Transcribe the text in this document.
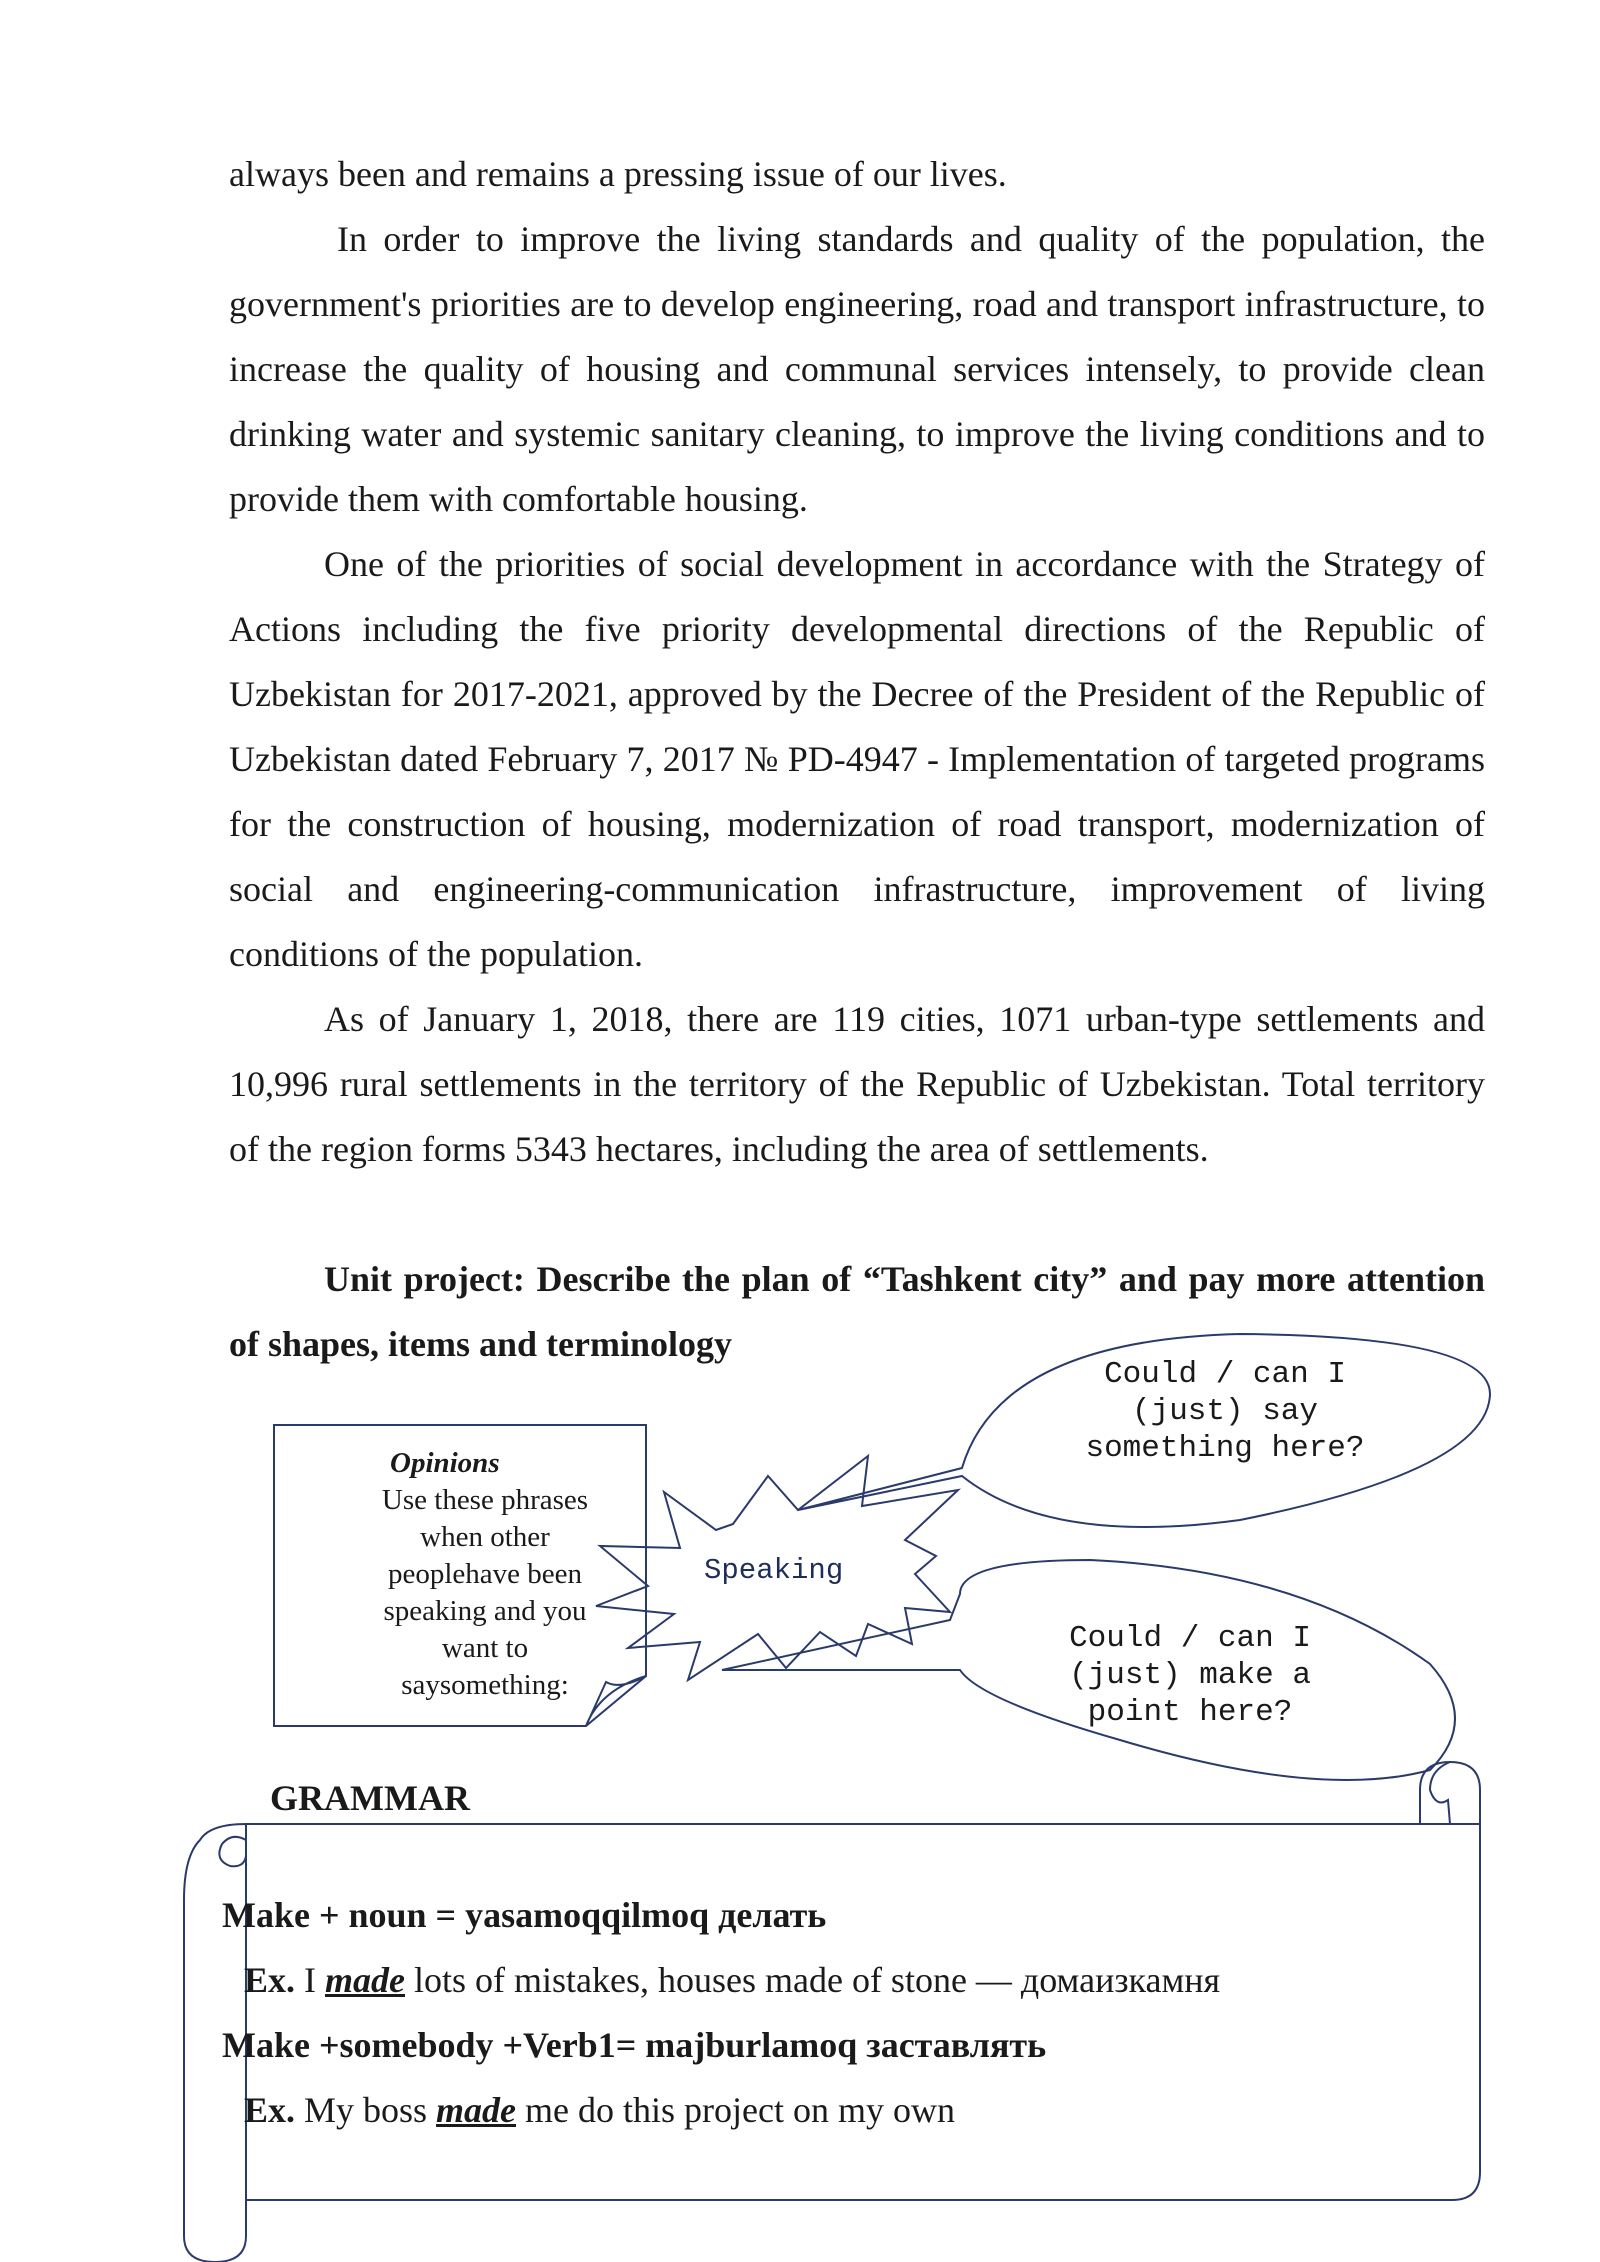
always been and remains a pressing issue of our lives.

In order to improve the living standards and quality of the population, the government's priorities are to develop engineering, road and transport infrastructure, to increase the quality of housing and communal services intensely, to provide clean drinking water and systemic sanitary cleaning, to improve the living conditions and to provide them with comfortable housing.

One of the priorities of social development in accordance with the Strategy of Actions including the five priority developmental directions of the Republic of Uzbekistan for 2017-2021, approved by the Decree of the President of the Republic of Uzbekistan dated February 7, 2017 № PD-4947 - Implementation of targeted programs for the construction of housing, modernization of road transport, modernization of social and engineering-communication infrastructure, improvement of living conditions of the population.

As of January 1, 2018, there are 119 cities, 1071 urban-type settlements and 10,996 rural settlements in the territory of the Republic of Uzbekistan. Total territory of the region forms 5343 hectares, including the area of settlements.

Unit project: Describe the plan of “Tashkent city” and pay more attention of shapes, items and terminology

Opinions
Use these phrases
when other
peoplehave been
speaking and you
want to
saysomething:
Speaking
Could / can I
(just) say
something here?
Could / can I
(just) make a
point here?
GRAMMAR

Make + noun = yasamoqqilmoq делать

Ex. I made lots of mistakes, houses made of stone — домаизкамня

Make +somebody +Verb1= majburlamoq заставлять

Ex. My boss made me do this project on my own
